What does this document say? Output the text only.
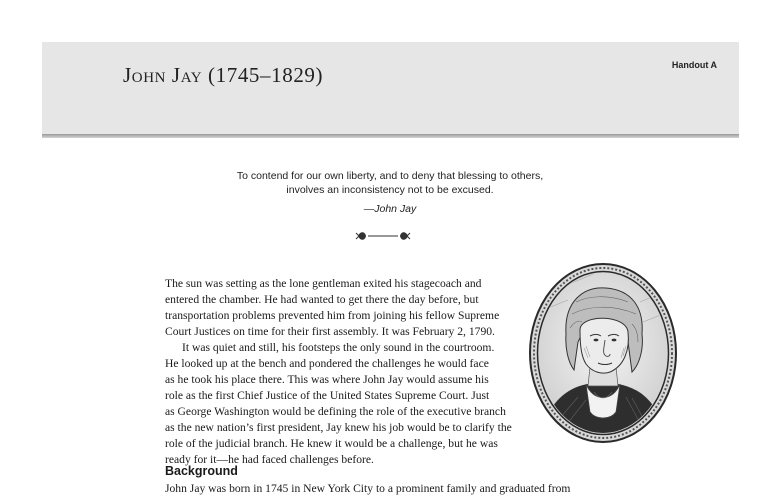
Handout A
John Jay (1745–1829)
To contend for our own liberty, and to deny that blessing to others,
involves an inconsistency not to be excused.
—John Jay

The sun was setting as the lone gentleman exited his stagecoach and
entered the chamber. He had wanted to get there the day before, but
transportation problems prevented him from joining his fellow Supreme
Court Justices on time for their first assembly. It was February 2, 1790.

It was quiet and still, his footsteps the only sound in the courtroom.
He looked up at the bench and pondered the challenges he would face
as he took his place there. This was where John Jay would assume his
role as the first Chief Justice of the United States Supreme Court. Just
as George Washington would be defining the role of the executive branch
as the new nation’s first president, Jay knew his job would be to clarify the
role of the judicial branch. He knew it would be a challenge, but he was
ready for it—he had faced challenges before.

Background
John Jay was born in 1745 in New York City to a prominent family and graduated from
